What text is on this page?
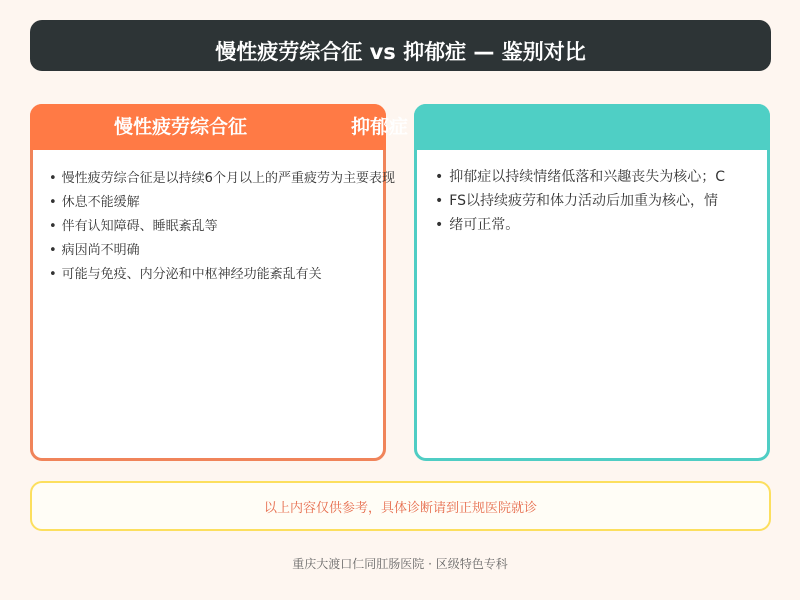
慢性疲劳综合征 vs 抑郁症 — 鉴别对比
慢性疲劳综合征	抑郁症
• 慢性疲劳综合征是以持续6个月以上的严重疲劳为主要表现
• 休息不能缓解
• 伴有认知障碍、睡眠紊乱等
• 病因尚不明确
• 可能与免疫、内分泌和中枢神经功能紊乱有关
• 抑郁症以持续情绪低落和兴趣丧失为核心；C
• FS以持续疲劳和体力活动后加重为核心，情
• 绪可正常。
以上内容仅供参考，具体诊断请到正规医院就诊
重庆大渡口仁同肛肠医院 · 区级特色专科
